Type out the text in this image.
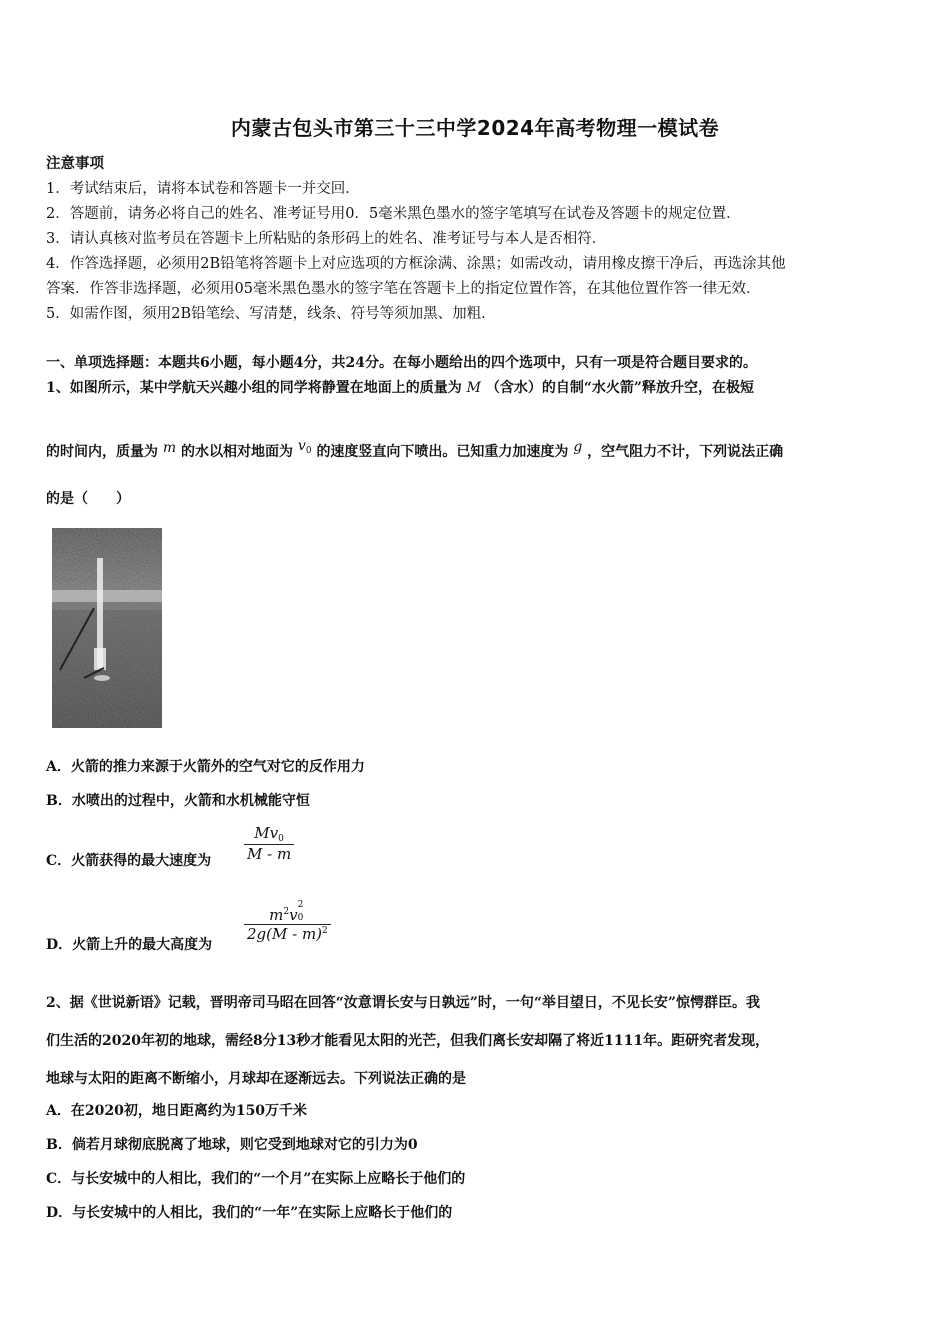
内蒙古包头市第三十三中学2024年高考物理一模试卷
注意事项
1．考试结束后，请将本试卷和答题卡一并交回．
2．答题前，请务必将自己的姓名、准考证号用0．5毫米黑色墨水的签字笔填写在试卷及答题卡的规定位置．
3．请认真核对监考员在答题卡上所粘贴的条形码上的姓名、准考证号与本人是否相符．
4．作答选择题，必须用2B铅笔将答题卡上对应选项的方框涂满、涂黑；如需改动，请用橡皮擦干净后，再选涂其他
答案．作答非选择题，必须用05毫米黑色墨水的签字笔在答题卡上的指定位置作答，在其他位置作答一律无效．
5．如需作图，须用2B铅笔绘、写清楚，线条、符号等须加黑、加粗．
一、单项选择题：本题共6小题，每小题4分，共24分。在每小题给出的四个选项中，只有一项是符合题目要求的。
1、如图所示，某中学航天兴趣小组的同学将静置在地面上的质量为 M （含水）的自制“水火箭”释放升空，在极短
的时间内，质量为 m 的水以相对地面为 $v_0$ 的速度竖直向下喷出。已知重力加速度为 g ，空气阻力不计，下列说法正确
的是（　　）
A．火箭的推力来源于火箭外的空气对它的反作用力
B．水喷出的过程中，火箭和水机械能守恒
C．火箭获得的最大速度为
$Mv_0$
M - m
D．火箭上升的最大高度为
$m^2v$
2
0
2g(M - m)$^2$
2、据《世说新语》记载，晋明帝司马昭在回答“汝意谓长安与日孰远”时，一句“举目望日，不见长安”惊愕群臣。我
们生活的2020年初的地球，需经8分13秒才能看见太阳的光芒，但我们离长安却隔了将近1111年。距研究者发现，
地球与太阳的距离不断缩小，月球却在逐渐远去。下列说法正确的是
A．在2020初，地日距离约为150万千米
B．倘若月球彻底脱离了地球，则它受到地球对它的引力为0
C．与长安城中的人相比，我们的“一个月”在实际上应略长于他们的
D．与长安城中的人相比，我们的“一年”在实际上应略长于他们的
